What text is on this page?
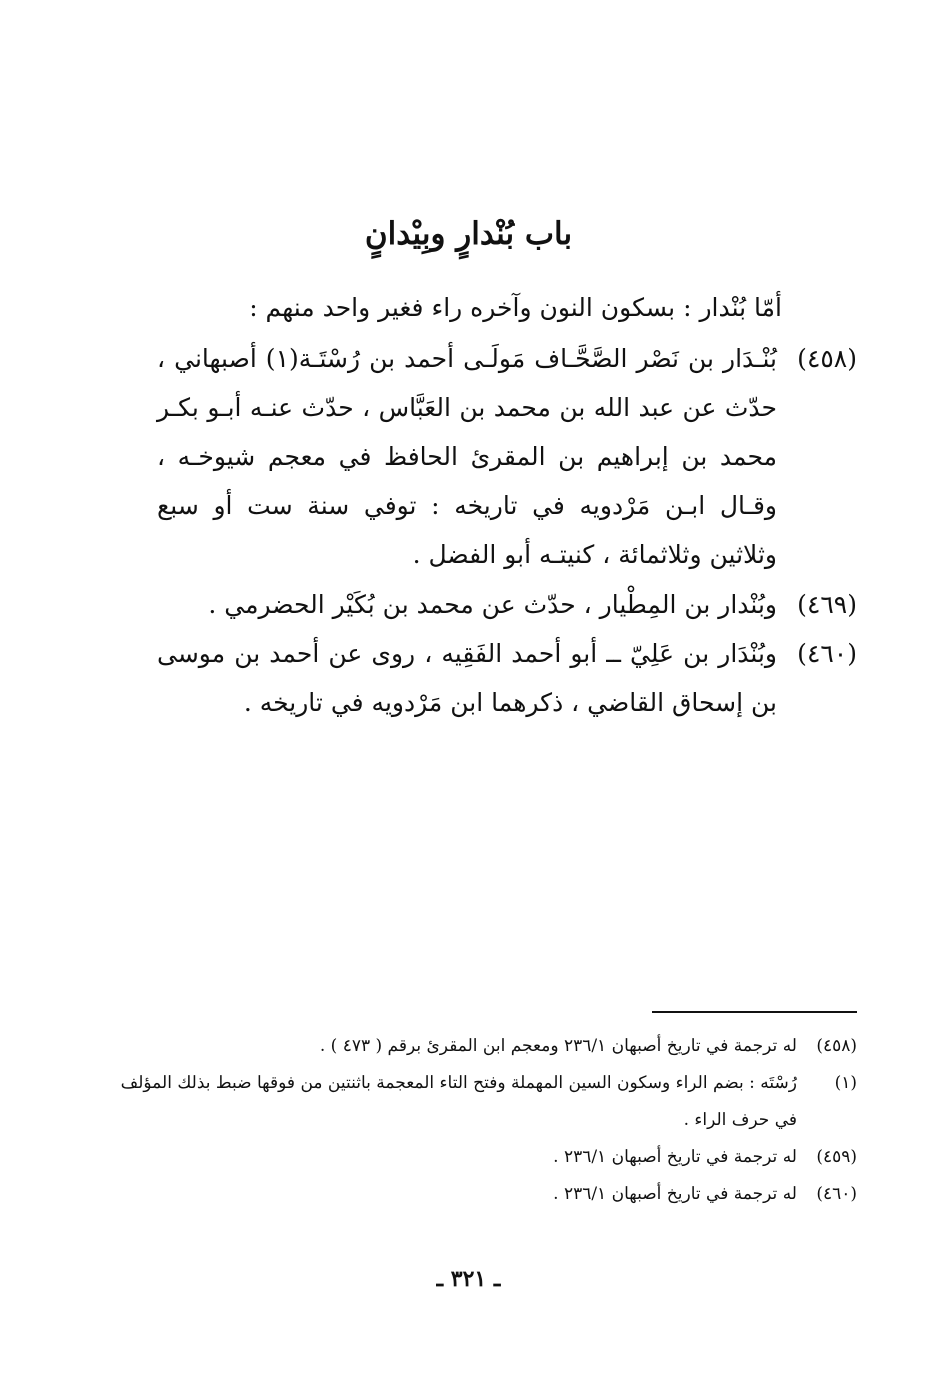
باب بُنْدارٍ وبِيْدانٍ
أمّا بُنْدار : بسكون النون وآخره راء فغير واحد منهم :
(٤٥٨)
بُنْـدَار بن نَصْر الصَّحَّـاف مَولَـى أحمد بن رُسْتَـة(١) أصبهاني ، حدّث عن عبد الله بن محمد بن العَبَّاس ، حدّث عنـه أبـو بكـر محمد بن إبراهيم بن المقرئ الحافظ في معجم شيوخـه ، وقـال ابـن مَرْدويه في تاريخه : توفي سنة ست أو سبع وثلاثين وثلاثمائة ، كنيتـه أبو الفضل .
(٤٦٩)
وبُنْدار بن المِطْيار ، حدّث عن محمد بن بُكَيْر الحضرمي .
(٤٦٠)
وبُنْدَار بن عَلِيّ ــ أبو أحمد الفَقِيه ، روى عن أحمد بن موسى بن إسحاق القاضي ، ذكرهما ابن مَرْدويه في تاريخه .
(٤٥٨)
له ترجمة في تاريخ أصبهان ٢٣٦/١ ومعجم ابن المقرئ برقم ( ٤٧٣ ) .
(١)
رُسْتَه : بضم الراء وسكون السين المهملة وفتح التاء المعجمة باثنتين من فوقها ضبط بذلك المؤلف في حرف الراء .
(٤٥٩)
له ترجمة في تاريخ أصبهان ٢٣٦/١ .
(٤٦٠)
له ترجمة في تاريخ أصبهان ٢٣٦/١ .
ـ ٣٢١ ـ
